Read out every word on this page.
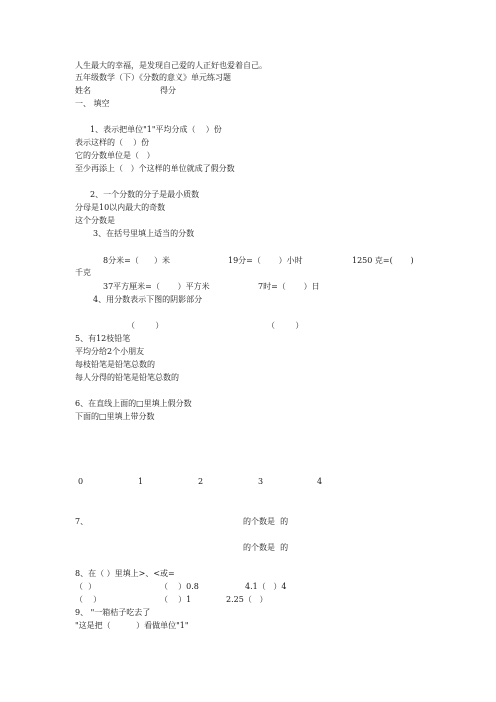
人生最大的幸福，是发现自己爱的人正好也爱着自己。
五年级数学（下）《分数的意义》单元练习题
姓名	得分
一、 填空
1、表示把单位"1"平均分成（    ）份
表示这样的（    ）份
它的分数单位是（   ）
至少再添上（   ）个这样的单位就成了假分数
2、一个分数的分子是最小质数
分母是10以内最大的奇数
这个分数是
3、在括号里填上适当的分数
8分米=（      ）米	19分=（       ）小时	1250 克=(       )
千克
37平方厘米=（       ）平方米	7时=（       ）日
4、用分数表示下图的阴影部分
（        ）	（        ）
5、有12枝铅笔
平均分给2个小朋友
每枝铅笔是铅笔总数的
每人分得的铅笔是铅笔总数的
6、在直线上面的□里填上假分数
下面的□里填上带分数
0	1	2	3	4
7、	的个数是  的
的个数是  的
8、在（ ）里填上>、<或=
（  ）	（    ）0.8	4.1（   ）4
（    ）	（    ）1	2.25（   ）
9、 "一箱桔子吃去了
"这是把（          ）看做单位"1"
